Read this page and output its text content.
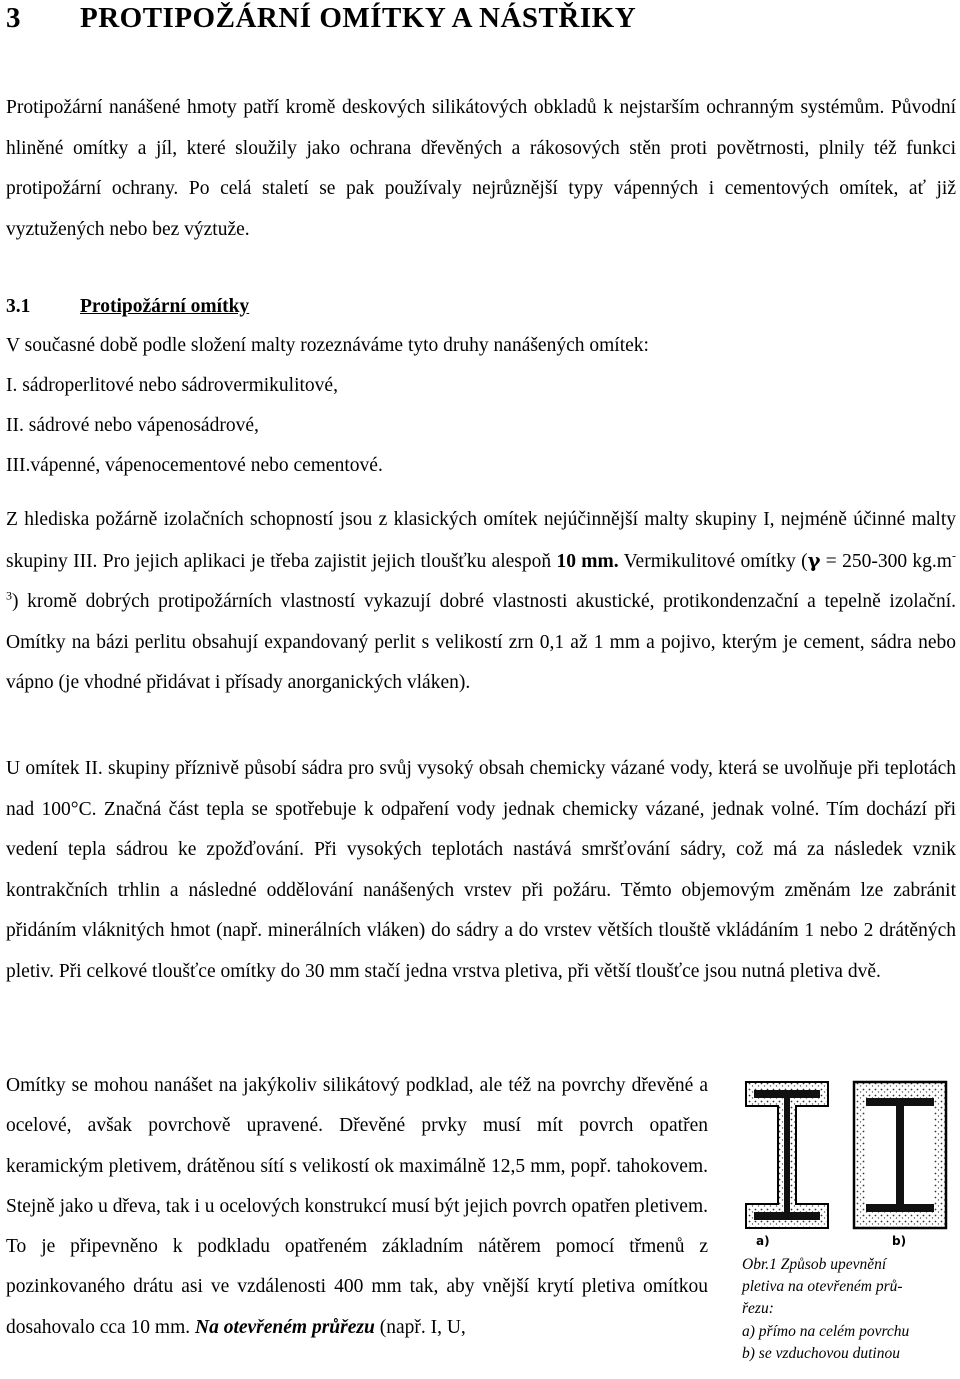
3 PROTIPOŽÁRNÍ OMÍTKY A NÁSTŘIKY

Protipožární nanášené hmoty patří kromě deskových silikátových obkladů k nejstarším ochranným systémům. Původní hliněné omítky a jíl, které sloužily jako ochrana dřevěných a rákosových stěn proti povětrnosti, plnily též funkci protipožární ochrany. Po celá staletí se pak používaly nejrůznější typy vápenných i cementových omítek, ať již vyztužených nebo bez výztuže.

3.1	Protipožární omítky

V současné době podle složení malty rozeznáváme tyto druhy nanášených omítek:
I. sádroperlitové nebo sádrovermikulitové,
II. sádrové nebo vápenosádrové,
III.vápenné, vápenocementové nebo cementové.

Z hlediska požárně izolačních schopností jsou z klasických omítek nejúčinnější malty skupiny I, nejméně účinné malty skupiny III. Pro jejich aplikaci je třeba zajistit jejich tloušťku alespoň 10 mm. Vermikulitové omítky (γ = 250-300 $kg.m^{-3}$) kromě dobrých protipožárních vlastností vykazují dobré vlastnosti akustické, protikondenzační a tepelně izolační. Omítky na bázi perlitu obsahují expandovaný perlit s velikostí zrn 0,1 až 1 mm a pojivo, kterým je cement, sádra nebo vápno (je vhodné přidávat i přísady anorganických vláken).

U omítek II. skupiny příznivě působí sádra pro svůj vysoký obsah chemicky vázané vody, která se uvolňuje při teplotách nad 100°C. Značná část tepla se spotřebuje k odpaření vody jednak chemicky vázané, jednak volné. Tím dochází při vedení tepla sádrou ke zpožďování. Při vysokých teplotách nastává smršťování sádry, což má za následek vznik kontrakčních trhlin a následné oddělování nanášených vrstev při požáru. Těmto objemovým změnám lze zabránit přidáním vláknitých hmot (např. minerálních vláken) do sádry a do vrstev větších tlouště vkládáním 1 nebo 2 drátěných pletiv. Při celkové tloušťce omítky do 30 mm stačí jedna vrstva pletiva, při větší tloušťce jsou nutná pletiva dvě.

Omítky se mohou nanášet na jakýkoliv silikátový podklad, ale též na povrchy dřevěné a ocelové, avšak povrchově upravené. Dřevěné prvky musí mít povrch opatřen keramickým pletivem, drátěnou sítí s velikostí ok maximálně 12,5 mm, popř. tahokovem. Stejně jako u dřeva, tak i u ocelových konstrukcí musí být jejich povrch opatřen pletivem. To je připevněno k podkladu opatřeném základním nátěrem pomocí třmenů z pozinkovaného drátu asi ve vzdálenosti 400 mm tak, aby vnější krytí pletiva omítkou dosahovalo cca 10 mm. Na otevřeném průřezu (např. I, U,

a)	b)

Obr.1 Způsob upevnění
pletiva na otevřeném prů-
řezu:
a) přímo na celém povrchu
b) se vzduchovou dutinou
